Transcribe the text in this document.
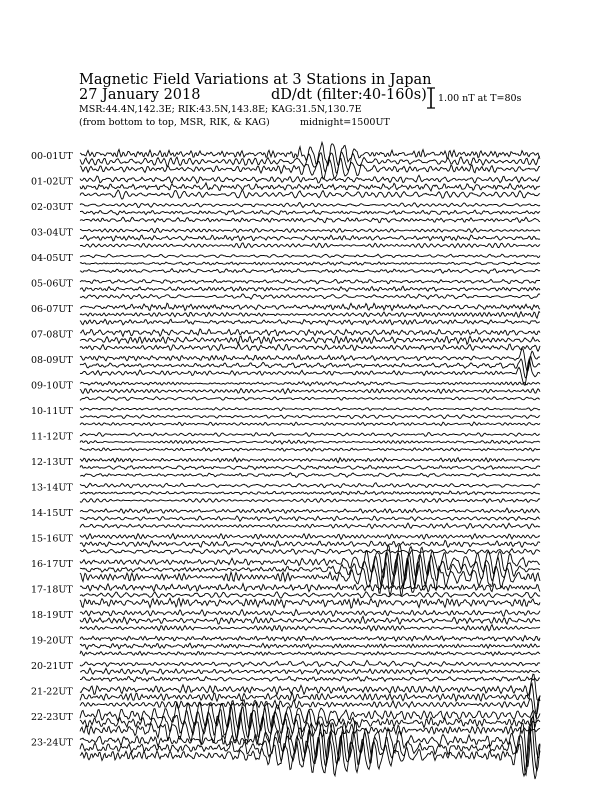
Magnetic Field Variations at 3 Stations in Japan
27 January 2018	dD/dt (filter:40-160s)
MSR:44.4N,142.3E; RIK:43.5N,143.8E; KAG:31.5N,130.7E
(from bottom to top, MSR, RIK, & KAG)	midnight=1500UT
1.00 nT at T=80s
00-01UT
01-02UT
02-03UT
03-04UT
04-05UT
05-06UT
06-07UT
07-08UT
08-09UT
09-10UT
10-11UT
11-12UT
12-13UT
13-14UT
14-15UT
15-16UT
16-17UT
17-18UT
18-19UT
19-20UT
20-21UT
21-22UT
22-23UT
23-24UT
